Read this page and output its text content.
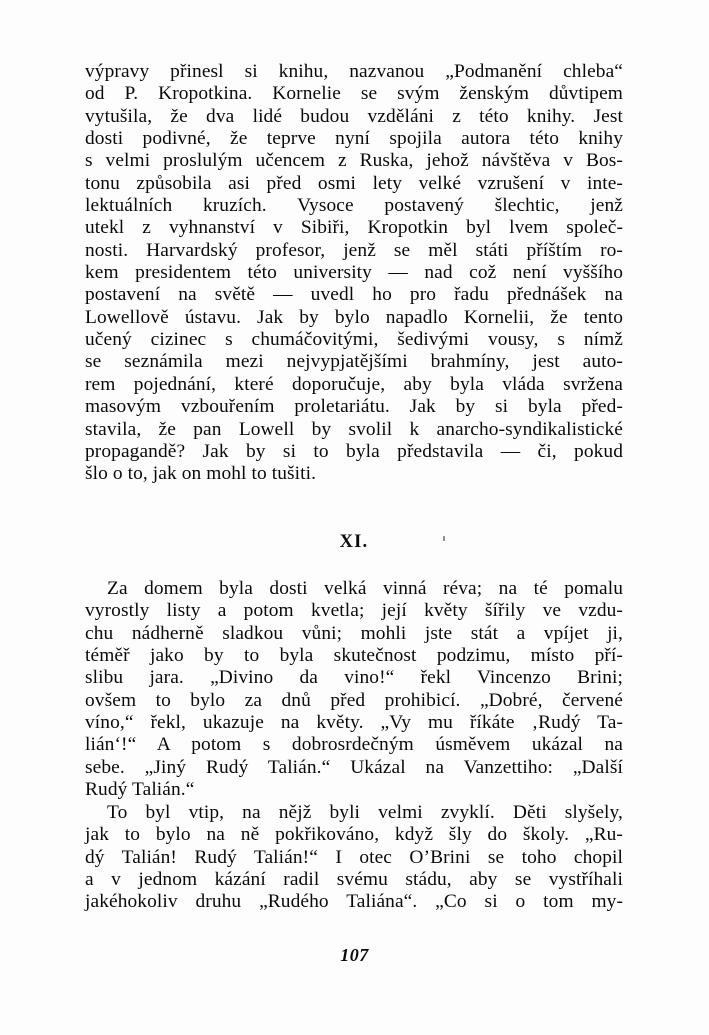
výpravy přinesl si knihu, nazvanou „Podmanění chleba“
od P. Kropotkina. Kornelie se svým ženským důvtipem
vytušila, že dva lidé budou vzděláni z této knihy. Jest
dosti podivné, že teprve nyní spojila autora této knihy
s velmi proslulým učencem z Ruska, jehož návštěva v Bos-
tonu způsobila asi před osmi lety velké vzrušení v inte-
lektuálních kruzích. Vysoce postavený šlechtic, jenž
utekl z vyhnanství v Sibiři, Kropotkin byl lvem společ-
nosti. Harvardský profesor, jenž se měl státi příštím ro-
kem presidentem této university — nad což není vyššího
postavení na světě — uvedl ho pro řadu přednášek na
Lowellově ústavu. Jak by bylo napadlo Kornelii, že tento
učený cizinec s chumáčovitými, šedivými vousy, s nímž
se seznámila mezi nejvypjatějšími brahmíny, jest auto-
rem pojednání, které doporučuje, aby byla vláda svržena
masovým vzbouřením proletariátu. Jak by si byla před-
stavila, že pan Lowell by svolil k anarcho-syndikalistické
propagandě? Jak by si to byla představila — či, pokud
šlo o to, jak on mohl to tušiti.
XI.
Za domem byla dosti velká vinná réva; na té pomalu
vyrostly listy a potom kvetla; její květy šířily ve vzdu-
chu nádherně sladkou vůni; mohli jste stát a vpíjet ji,
téměř jako by to byla skutečnost podzimu, místo pří-
slibu jara. „Divino da vino!“ řekl Vincenzo Brini;
ovšem to bylo za dnů před prohibicí. „Dobré, červené
víno,“ řekl, ukazuje na květy. „Vy mu říkáte ‚Rudý Ta-
lián‘!“ A potom s dobrosrdečným úsměvem ukázal na
sebe. „Jiný Rudý Talián.“ Ukázal na Vanzettiho: „Další
Rudý Talián.“
To byl vtip, na nějž byli velmi zvyklí. Děti slyšely,
jak to bylo na ně pokřikováno, když šly do školy. „Ru-
dý Talián! Rudý Talián!“ I otec O’Brini se toho chopil
a v jednom kázání radil svému stádu, aby se vystříhali
jakéhokoliv druhu „Rudého Taliána“. „Co si o tom my-
107
